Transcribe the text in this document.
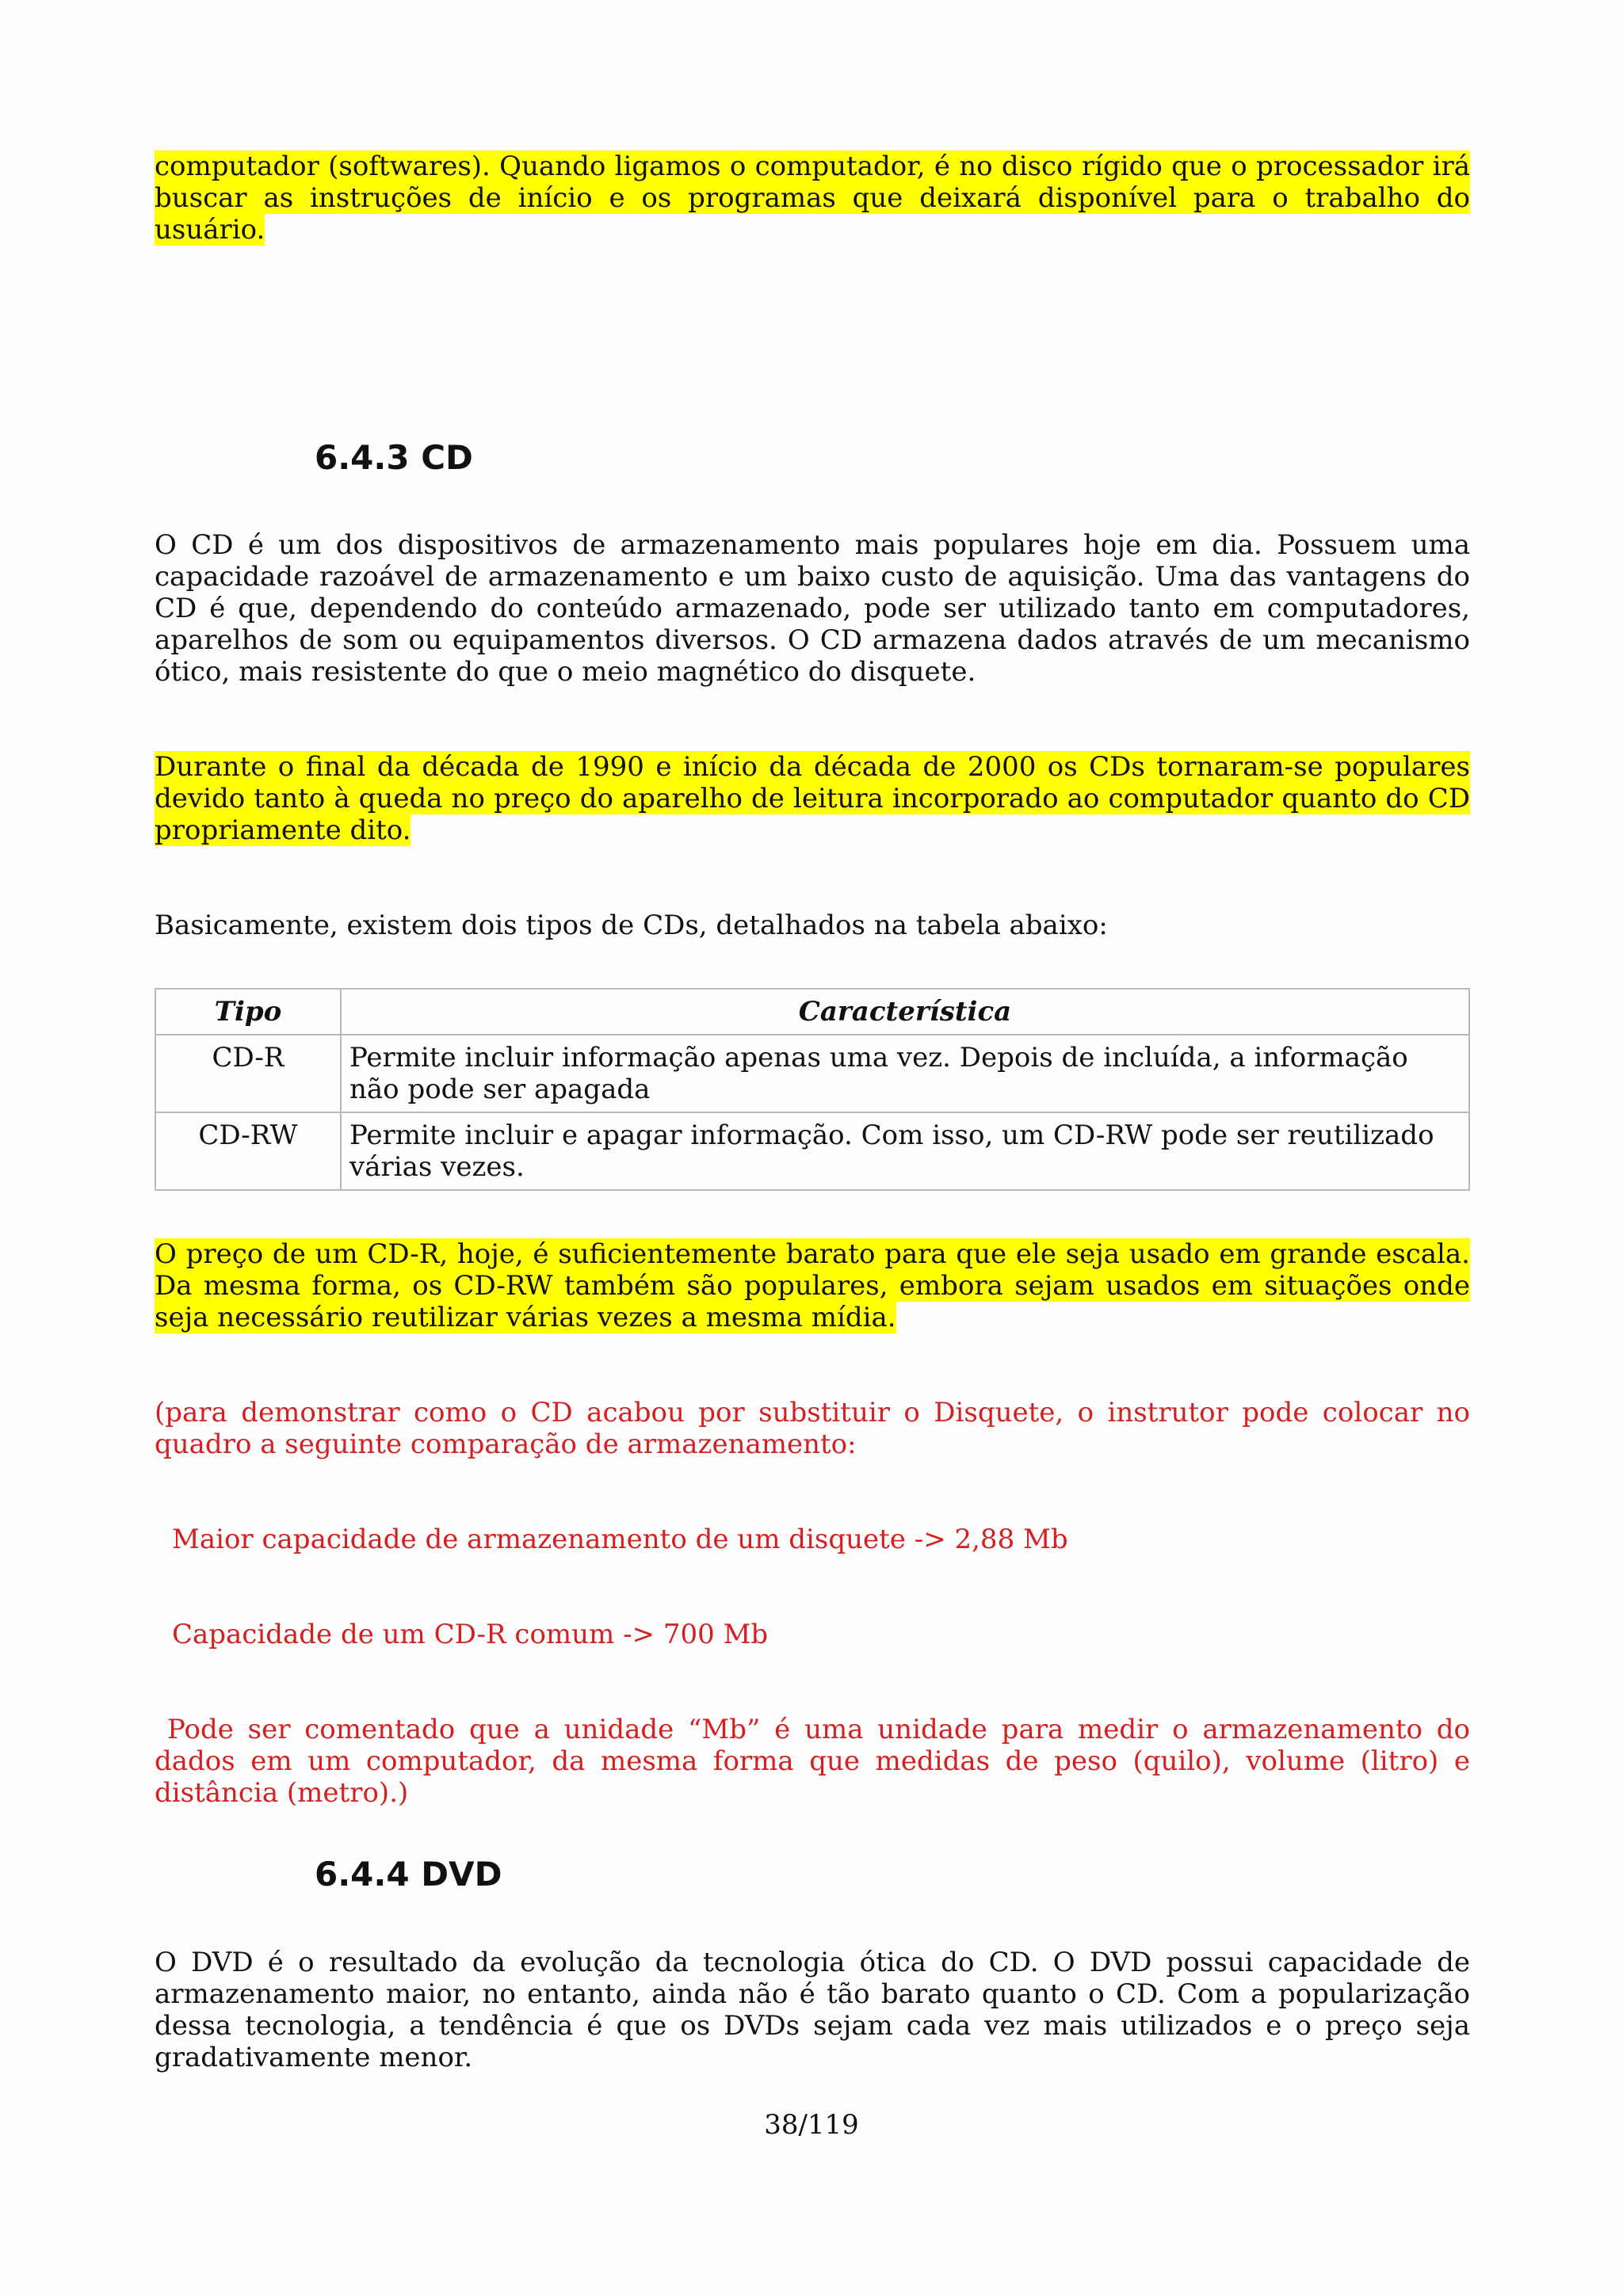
computador (softwares). Quando ligamos o computador, é no disco rígido que o processador irá buscar as instruções de início e os programas que deixará disponível para o trabalho do usuário.

6.4.3 CD

O CD é um dos dispositivos de armazenamento mais populares hoje em dia. Possuem uma capacidade razoável de armazenamento e um baixo custo de aquisição. Uma das vantagens do CD é que, dependendo do conteúdo armazenado, pode ser utilizado tanto em computadores, aparelhos de som ou equipamentos diversos. O CD armazena dados através de um mecanismo ótico, mais resistente do que o meio magnético do disquete.

Durante o final da década de 1990 e início da década de 2000 os CDs tornaram-se populares devido tanto à queda no preço do aparelho de leitura incorporado ao computador quanto do CD propriamente dito.

Basicamente, existem dois tipos de CDs, detalhados na tabela abaixo:

Tipo	Característica
CD-R	Permite incluir informação apenas uma vez. Depois de incluída, a informação não pode ser apagada
CD-RW	Permite incluir e apagar informação. Com isso, um CD-RW pode ser reutilizado várias vezes.

O preço de um CD-R, hoje, é suficientemente barato para que ele seja usado em grande escala. Da mesma forma, os CD-RW também são populares, embora sejam usados em situações onde seja necessário reutilizar várias vezes a mesma mídia.

(para demonstrar como o CD acabou por substituir o Disquete, o instrutor pode colocar no quadro a seguinte comparação de armazenamento:

Maior capacidade de armazenamento de um disquete -> 2,88 Mb

Capacidade de um CD-R comum -> 700 Mb

Pode ser comentado que a unidade “Mb” é uma unidade para medir o armazenamento do dados em um computador, da mesma forma que medidas de peso (quilo), volume (litro) e distância (metro).)

6.4.4 DVD

O DVD é o resultado da evolução da tecnologia ótica do CD. O DVD possui capacidade de armazenamento maior, no entanto, ainda não é tão barato quanto o CD. Com a popularização dessa tecnologia, a tendência é que os DVDs sejam cada vez mais utilizados e o preço seja gradativamente menor.

38/119
